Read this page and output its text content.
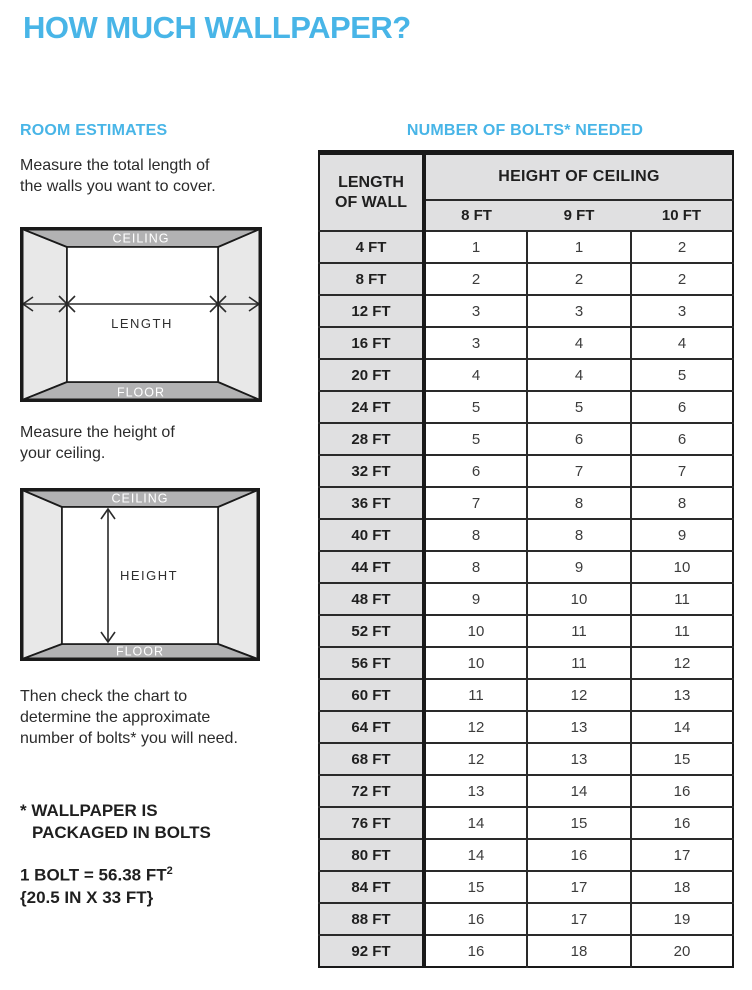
HOW MUCH WALLPAPER?
ROOM ESTIMATES	NUMBER OF BOLTS* NEEDED
Measure the total length of
the walls you want to cover.
CEILING
FLOOR
LENGTH
Measure the height of
your ceiling.
CEILING
FLOOR
HEIGHT
Then check the chart to
determine the approximate
number of bolts* you will need.
* WALLPAPER IS
PACKAGED IN BOLTS
1 BOLT = 56.38 $FT^2$
{20.5 IN X 33 FT}
LENGTH
OF WALL	HEIGHT OF CEILING		
	8 FT	9 FT	10 FT
4 FT	1	1	2
8 FT	2	2	2
12 FT	3	3	3
16 FT	3	4	4
20 FT	4	4	5
24 FT	5	5	6
28 FT	5	6	6
32 FT	6	7	7
36 FT	7	8	8
40 FT	8	8	9
44 FT	8	9	10
48 FT	9	10	11
52 FT	10	11	11
56 FT	10	11	12
60 FT	11	12	13
64 FT	12	13	14
68 FT	12	13	15
72 FT	13	14	16
76 FT	14	15	16
80 FT	14	16	17
84 FT	15	17	18
88 FT	16	17	19
92 FT	16	18	20
